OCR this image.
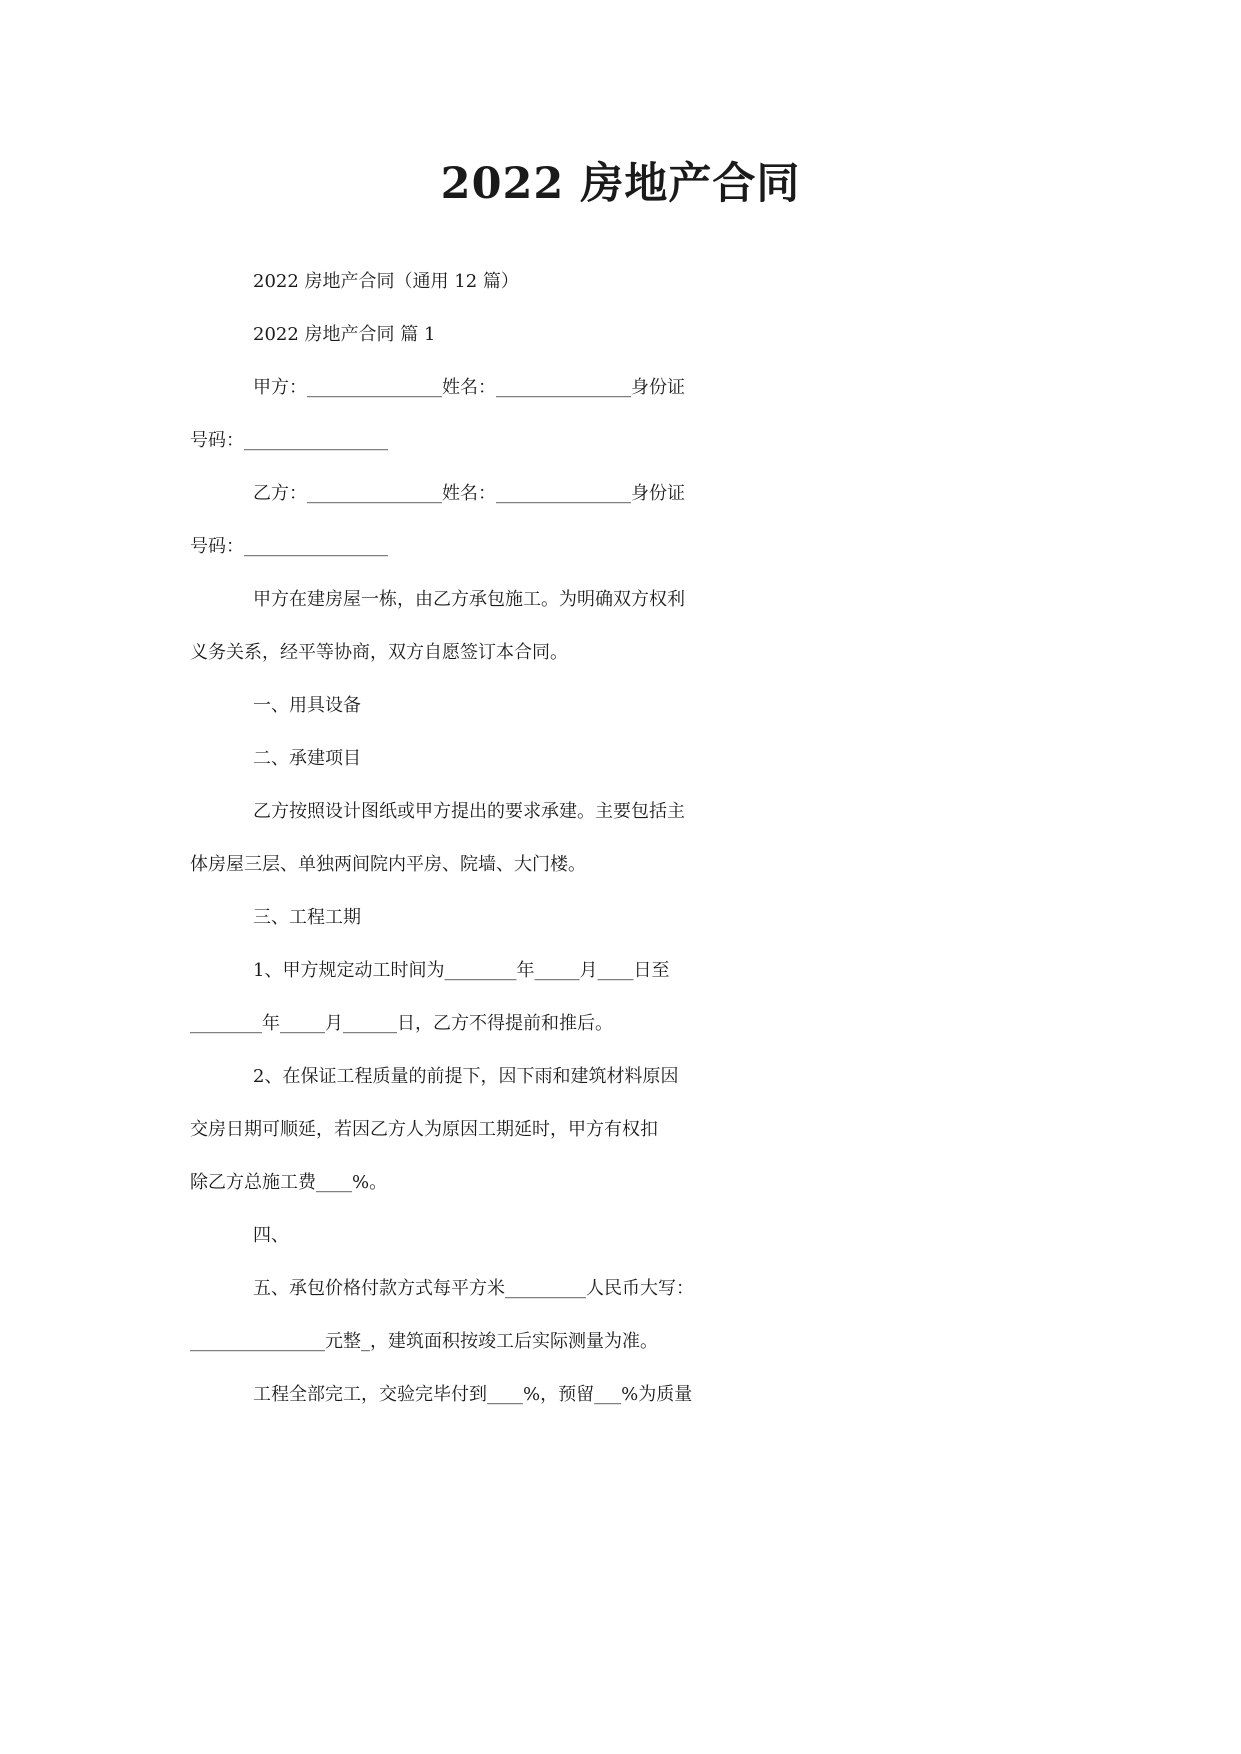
2022 房地产合同
2022 房地产合同（通用 12 篇）
2022 房地产合同 篇 1
甲方：_______________姓名：_______________身份证
号码：________________
乙方：_______________姓名：_______________身份证
号码：________________
甲方在建房屋一栋，由乙方承包施工。为明确双方权利
义务关系，经平等协商，双方自愿签订本合同。
一、用具设备
二、承建项目
乙方按照设计图纸或甲方提出的要求承建。主要包括主
体房屋三层、单独两间院内平房、院墙、大门楼。
三、工程工期
1、甲方规定动工时间为________年_____月____日至
________年_____月______日，乙方不得提前和推后。
2、在保证工程质量的前提下，因下雨和建筑材料原因
交房日期可顺延，若因乙方人为原因工期延时，甲方有权扣
除乙方总施工费____%。
四、
五、承包价格付款方式每平方米_________人民币大写：
_______________元整_，建筑面积按竣工后实际测量为准。
工程全部完工，交验完毕付到____%，预留___%为质量
